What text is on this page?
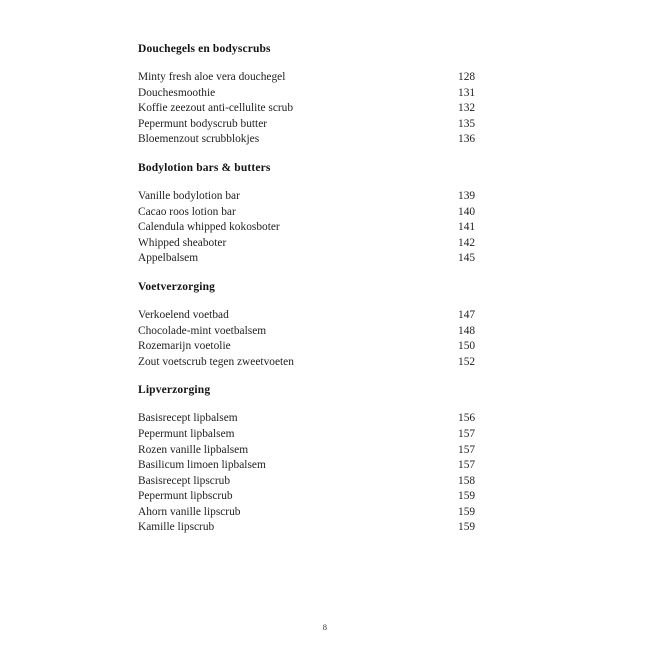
Douchegels en bodyscrubs
Minty fresh aloe vera douchegel	128
Douchesmoothie	131
Koffie zeezout anti-cellulite scrub	132
Pepermunt bodyscrub butter	135
Bloemenzout scrubblokjes	136
Bodylotion bars & butters
Vanille bodylotion bar	139
Cacao roos lotion bar	140
Calendula whipped kokosboter	141
Whipped sheaboter	142
Appelbalsem	145
Voetverzorging
Verkoelend voetbad	147
Chocolade-mint voetbalsem	148
Rozemarijn voetolie	150
Zout voetscrub tegen zweetvoeten	152
Lipverzorging
Basisrecept lipbalsem	156
Pepermunt lipbalsem	157
Rozen vanille lipbalsem	157
Basilicum limoen lipbalsem	157
Basisrecept lipscrub	158
Pepermunt lipbscrub	159
Ahorn vanille lipscrub	159
Kamille lipscrub	159
8
